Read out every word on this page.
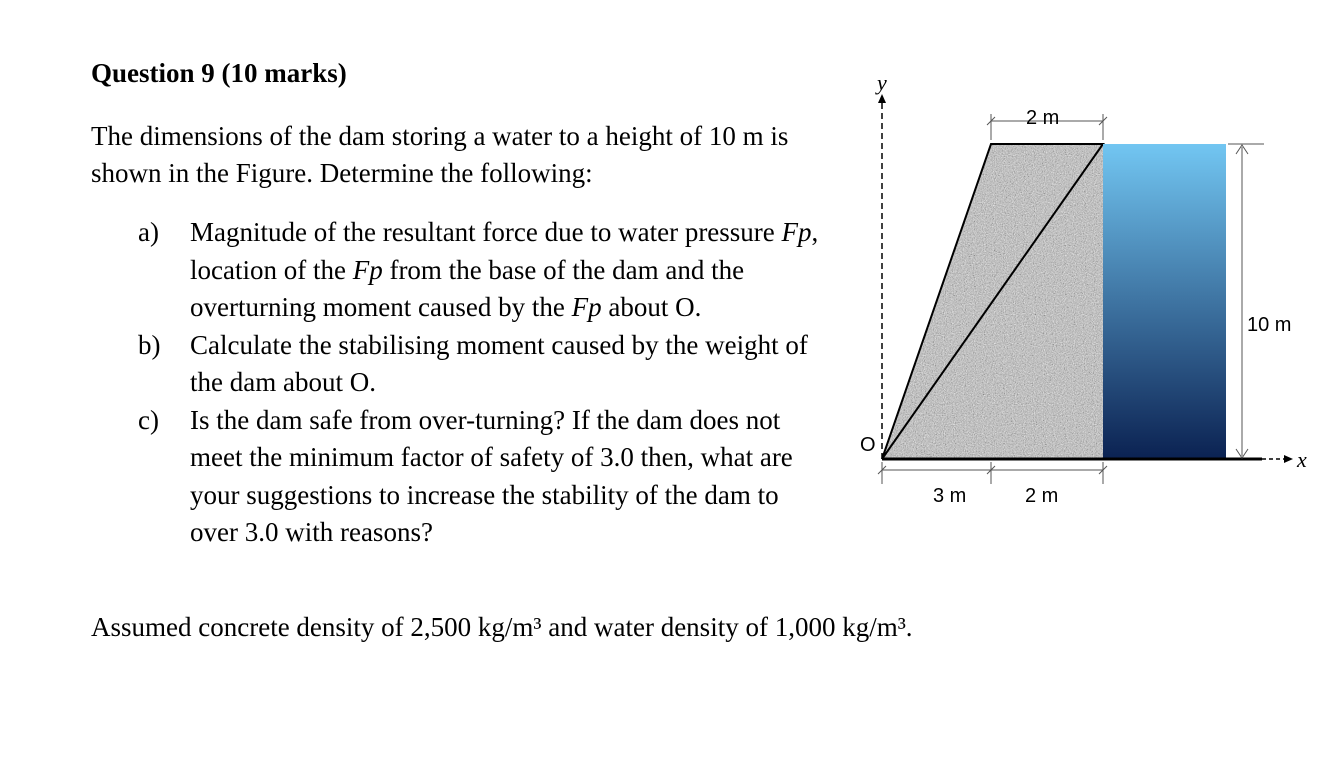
Question 9 (10 marks)

The dimensions of the dam storing a water to a height of 10 m is shown in the Figure. Determine the following:

a)	Magnitude of the resultant force due to water pressure Fp, location of the Fp from the base of the dam and the overturning moment caused by the Fp about O.
b)	Calculate the stabilising moment caused by the weight of the dam about O.
c)	Is the dam safe from over-turning? If the dam does not meet the minimum factor of safety of 3.0 then, what are your suggestions to increase the stability of the dam to over 3.0 with reasons?

Assumed concrete density of 2,500 kg/m³ and water density of 1,000 kg/m³.

y
x
O
2 m
10 m
3 m	2 m
